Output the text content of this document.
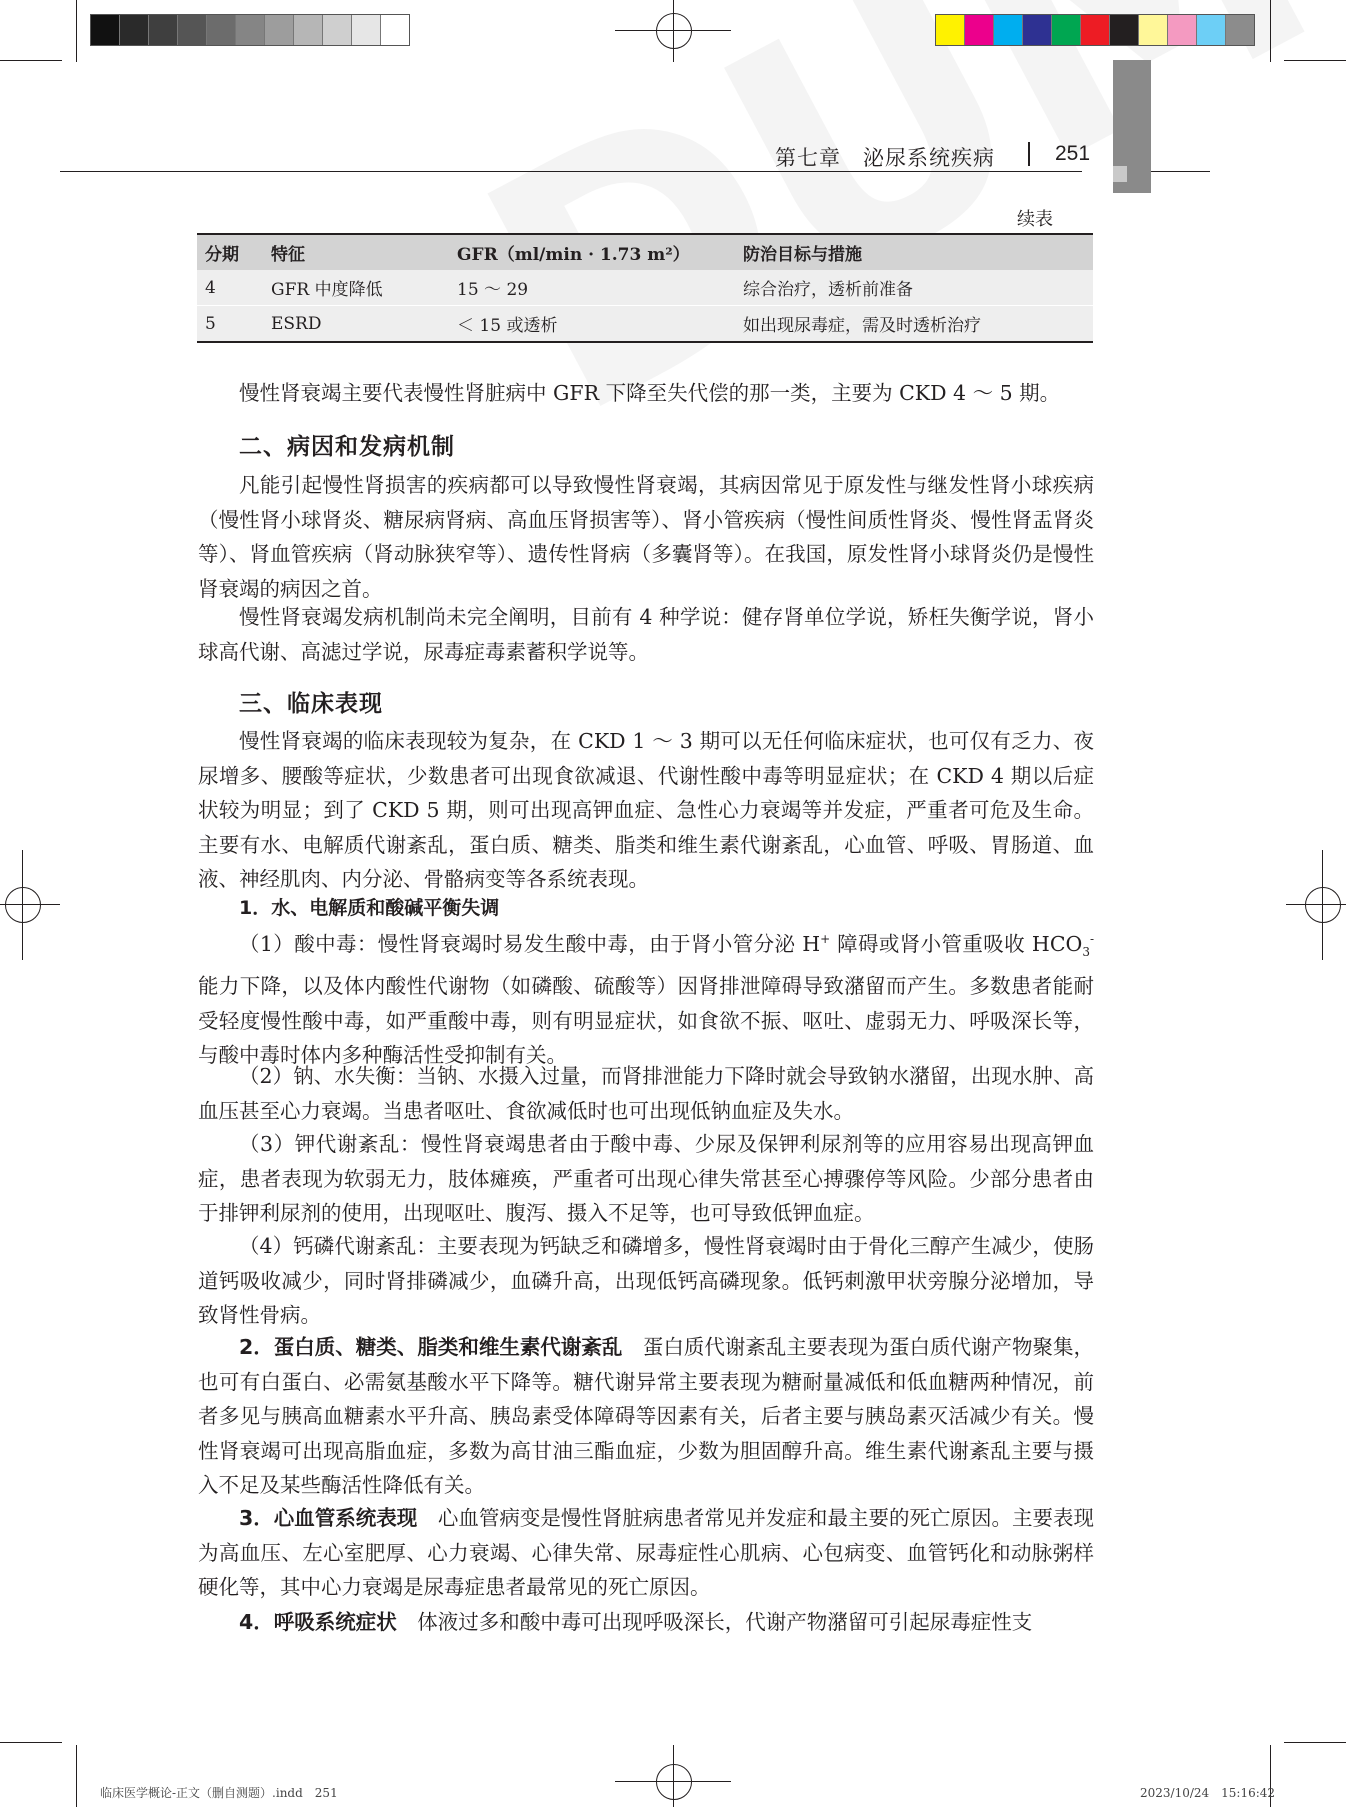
第七章　泌尿系统疾病	251
续表
分期	特征	GFR（ml/min · 1.73 m²）	防治目标与措施
4	GFR 中度降低	15 ～ 29	综合治疗，透析前准备
5	ESRD	＜ 15 或透析	如出现尿毒症，需及时透析治疗
慢性肾衰竭主要代表慢性肾脏病中 GFR 下降至失代偿的那一类，主要为 CKD 4 ～ 5 期。
二、病因和发病机制
凡能引起慢性肾损害的疾病都可以导致慢性肾衰竭，其病因常见于原发性与继发性肾小球疾病（慢性肾小球肾炎、糖尿病肾病、高血压肾损害等）、肾小管疾病（慢性间质性肾炎、慢性肾盂肾炎等）、肾血管疾病（肾动脉狭窄等）、遗传性肾病（多囊肾等）。在我国，原发性肾小球肾炎仍是慢性肾衰竭的病因之首。
慢性肾衰竭发病机制尚未完全阐明，目前有 4 种学说：健存肾单位学说，矫枉失衡学说，肾小球高代谢、高滤过学说，尿毒症毒素蓄积学说等。
三、临床表现
慢性肾衰竭的临床表现较为复杂，在 CKD 1 ～ 3 期可以无任何临床症状，也可仅有乏力、夜尿增多、腰酸等症状，少数患者可出现食欲减退、代谢性酸中毒等明显症状；在 CKD 4 期以后症状较为明显；到了 CKD 5 期，则可出现高钾血症、急性心力衰竭等并发症，严重者可危及生命。主要有水、电解质代谢紊乱，蛋白质、糖类、脂类和维生素代谢紊乱，心血管、呼吸、胃肠道、血液、神经肌肉、内分泌、骨骼病变等各系统表现。
1．水、电解质和酸碱平衡失调
（1）酸中毒：慢性肾衰竭时易发生酸中毒，由于肾小管分泌 H+ 障碍或肾小管重吸收 $HCO_3^-$ 能力下降，以及体内酸性代谢物（如磷酸、硫酸等）因肾排泄障碍导致潴留而产生。多数患者能耐受轻度慢性酸中毒，如严重酸中毒，则有明显症状，如食欲不振、呕吐、虚弱无力、呼吸深长等，与酸中毒时体内多种酶活性受抑制有关。
（2）钠、水失衡：当钠、水摄入过量，而肾排泄能力下降时就会导致钠水潴留，出现水肿、高血压甚至心力衰竭。当患者呕吐、食欲减低时也可出现低钠血症及失水。
（3）钾代谢紊乱：慢性肾衰竭患者由于酸中毒、少尿及保钾利尿剂等的应用容易出现高钾血症，患者表现为软弱无力，肢体瘫痪，严重者可出现心律失常甚至心搏骤停等风险。少部分患者由于排钾利尿剂的使用，出现呕吐、腹泻、摄入不足等，也可导致低钾血症。
（4）钙磷代谢紊乱：主要表现为钙缺乏和磷增多，慢性肾衰竭时由于骨化三醇产生减少，使肠道钙吸收减少，同时肾排磷减少，血磷升高，出现低钙高磷现象。低钙刺激甲状旁腺分泌增加，导致肾性骨病。
2．蛋白质、糖类、脂类和维生素代谢紊乱　蛋白质代谢紊乱主要表现为蛋白质代谢产物聚集，也可有白蛋白、必需氨基酸水平下降等。糖代谢异常主要表现为糖耐量减低和低血糖两种情况，前者多见与胰高血糖素水平升高、胰岛素受体障碍等因素有关，后者主要与胰岛素灭活减少有关。慢性肾衰竭可出现高脂血症，多数为高甘油三酯血症，少数为胆固醇升高。维生素代谢紊乱主要与摄入不足及某些酶活性降低有关。
3．心血管系统表现　心血管病变是慢性肾脏病患者常见并发症和最主要的死亡原因。主要表现为高血压、左心室肥厚、心力衰竭、心律失常、尿毒症性心肌病、心包病变、血管钙化和动脉粥样硬化等，其中心力衰竭是尿毒症患者最常见的死亡原因。
4．呼吸系统症状　体液过多和酸中毒可出现呼吸深长，代谢产物潴留可引起尿毒症性支
临床医学概论-正文（删自测题）.indd　251	2023/10/24　15:16:42
